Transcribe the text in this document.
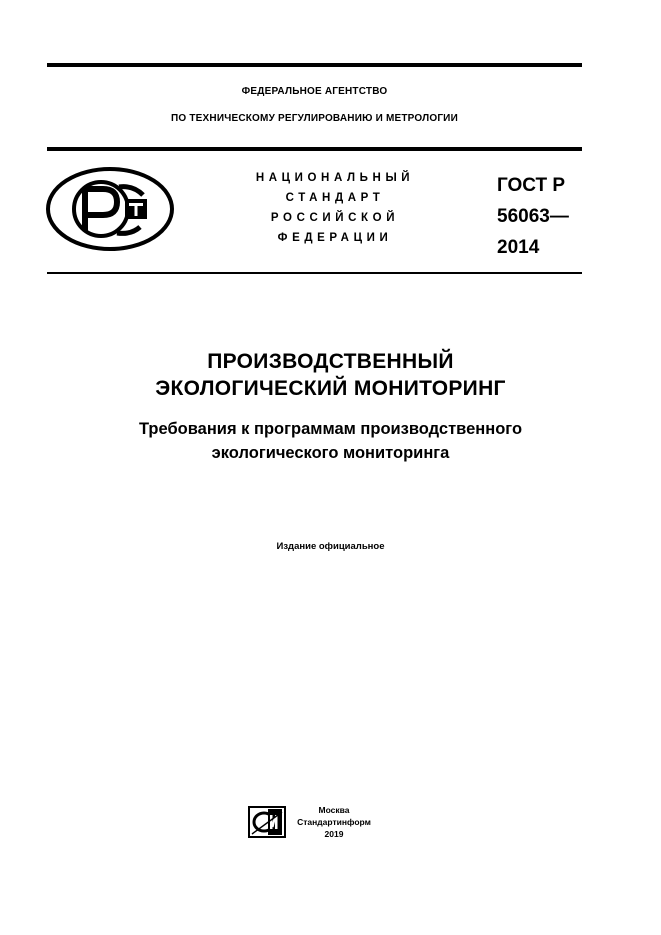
ФЕДЕРАЛЬНОЕ АГЕНТСТВО
ПО ТЕХНИЧЕСКОМУ РЕГУЛИРОВАНИЮ И МЕТРОЛОГИИ
НАЦИОНАЛЬНЫЙ
СТАНДАРТ
РОССИЙСКОЙ
ФЕДЕРАЦИИ
ГОСТ Р
56063—
2014
ПРОИЗВОДСТВЕННЫЙ
ЭКОЛОГИЧЕСКИЙ МОНИТОРИНГ
Требования к программам производственного
экологического мониторинга
Издание официальное
Москва
Стандартинформ
2019
